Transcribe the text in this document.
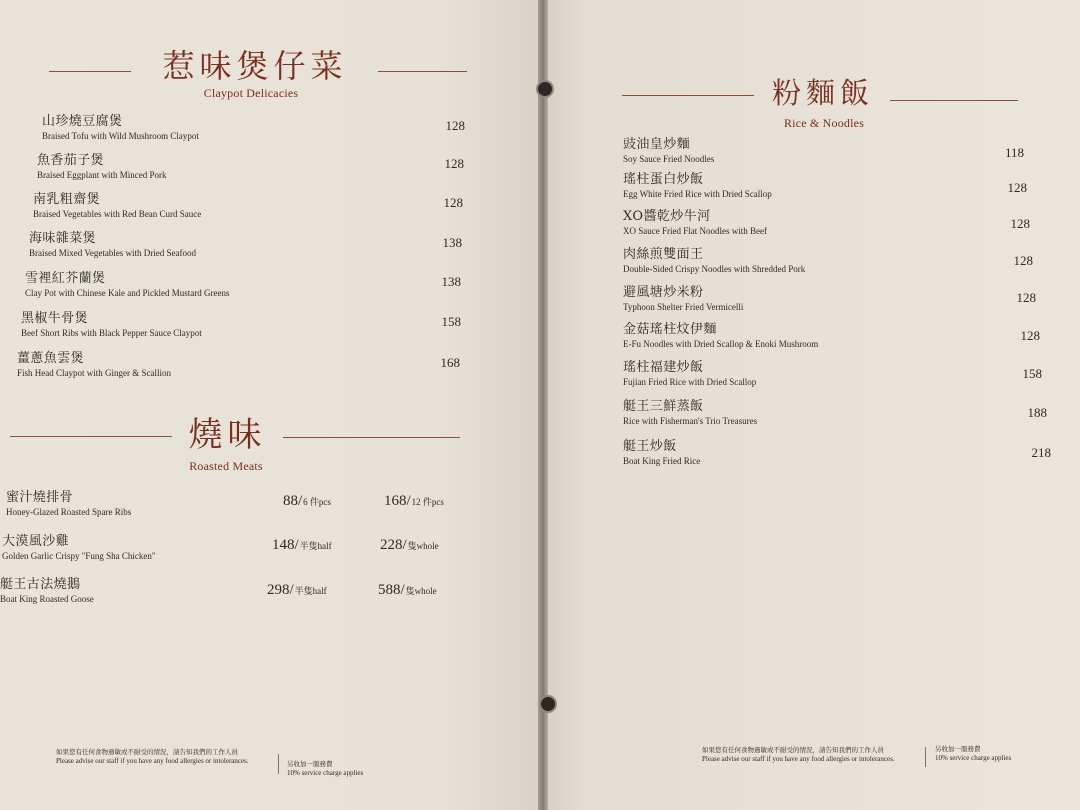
惹味煲仔菜
Claypot Delicacies
山珍燒豆腐煲
Braised Tofu with Wild Mushroom Claypot
128
魚香茄子煲
Braised Eggplant with Minced Pork
128
南乳粗齋煲
Braised Vegetables with Red Bean Curd Sauce
128
海味雜菜煲
Braised Mixed Vegetables with Dried Seafood
138
雪裡紅芥蘭煲
Clay Pot with Chinese Kale and Pickled Mustard Greens
138
黑椒牛骨煲
Beef Short Ribs with Black Pepper Sauce Claypot
158
薑蔥魚雲煲
Fish Head Claypot with Ginger & Scallion
168
燒味
Roasted Meats
蜜汁燒排骨
Honey-Glazed Roasted Spare Ribs
88/6 件pcs	168/12 件pcs
大漠風沙雞
Golden Garlic Crispy "Fung Sha Chicken"
148/半隻half	228/隻whole
艇王古法燒鵝
Boat King Roasted Goose
298/半隻half	588/隻whole
如果您有任何食物過敏或不耐受的情況，請告知我們的工作人員
Please advise our staff if you have any food allergies or intolerances.	另收加一服務費
10% service charge applies
粉麵飯
Rice & Noodles
豉油皇炒麵
Soy Sauce Fried Noodles	118
瑤柱蛋白炒飯
Egg White Fried Rice with Dried Scallop	128
XO醬乾炒牛河
XO Sauce Fried Flat Noodles with Beef	128
肉絲煎雙面王
Double-Sided Crispy Noodles with Shredded Pork
128
避風塘炒米粉
Typhoon Shelter Fried Vermicelli
128
金菇瑤柱炆伊麵
E-Fu Noodles with Dried Scallop & Enoki Mushroom
128
瑤柱福建炒飯
Fujian Fried Rice with Dried Scallop
158
艇王三鮮蒸飯
Rice with Fisherman's Trio Treasures
188
艇王炒飯
Boat King Fried Rice
218
如果您有任何食物過敏或不耐受的情況，請告知我們的工作人員
Please advise our staff if you have any food allergies or intolerances.
另收加一服務費
10% service charge applies
